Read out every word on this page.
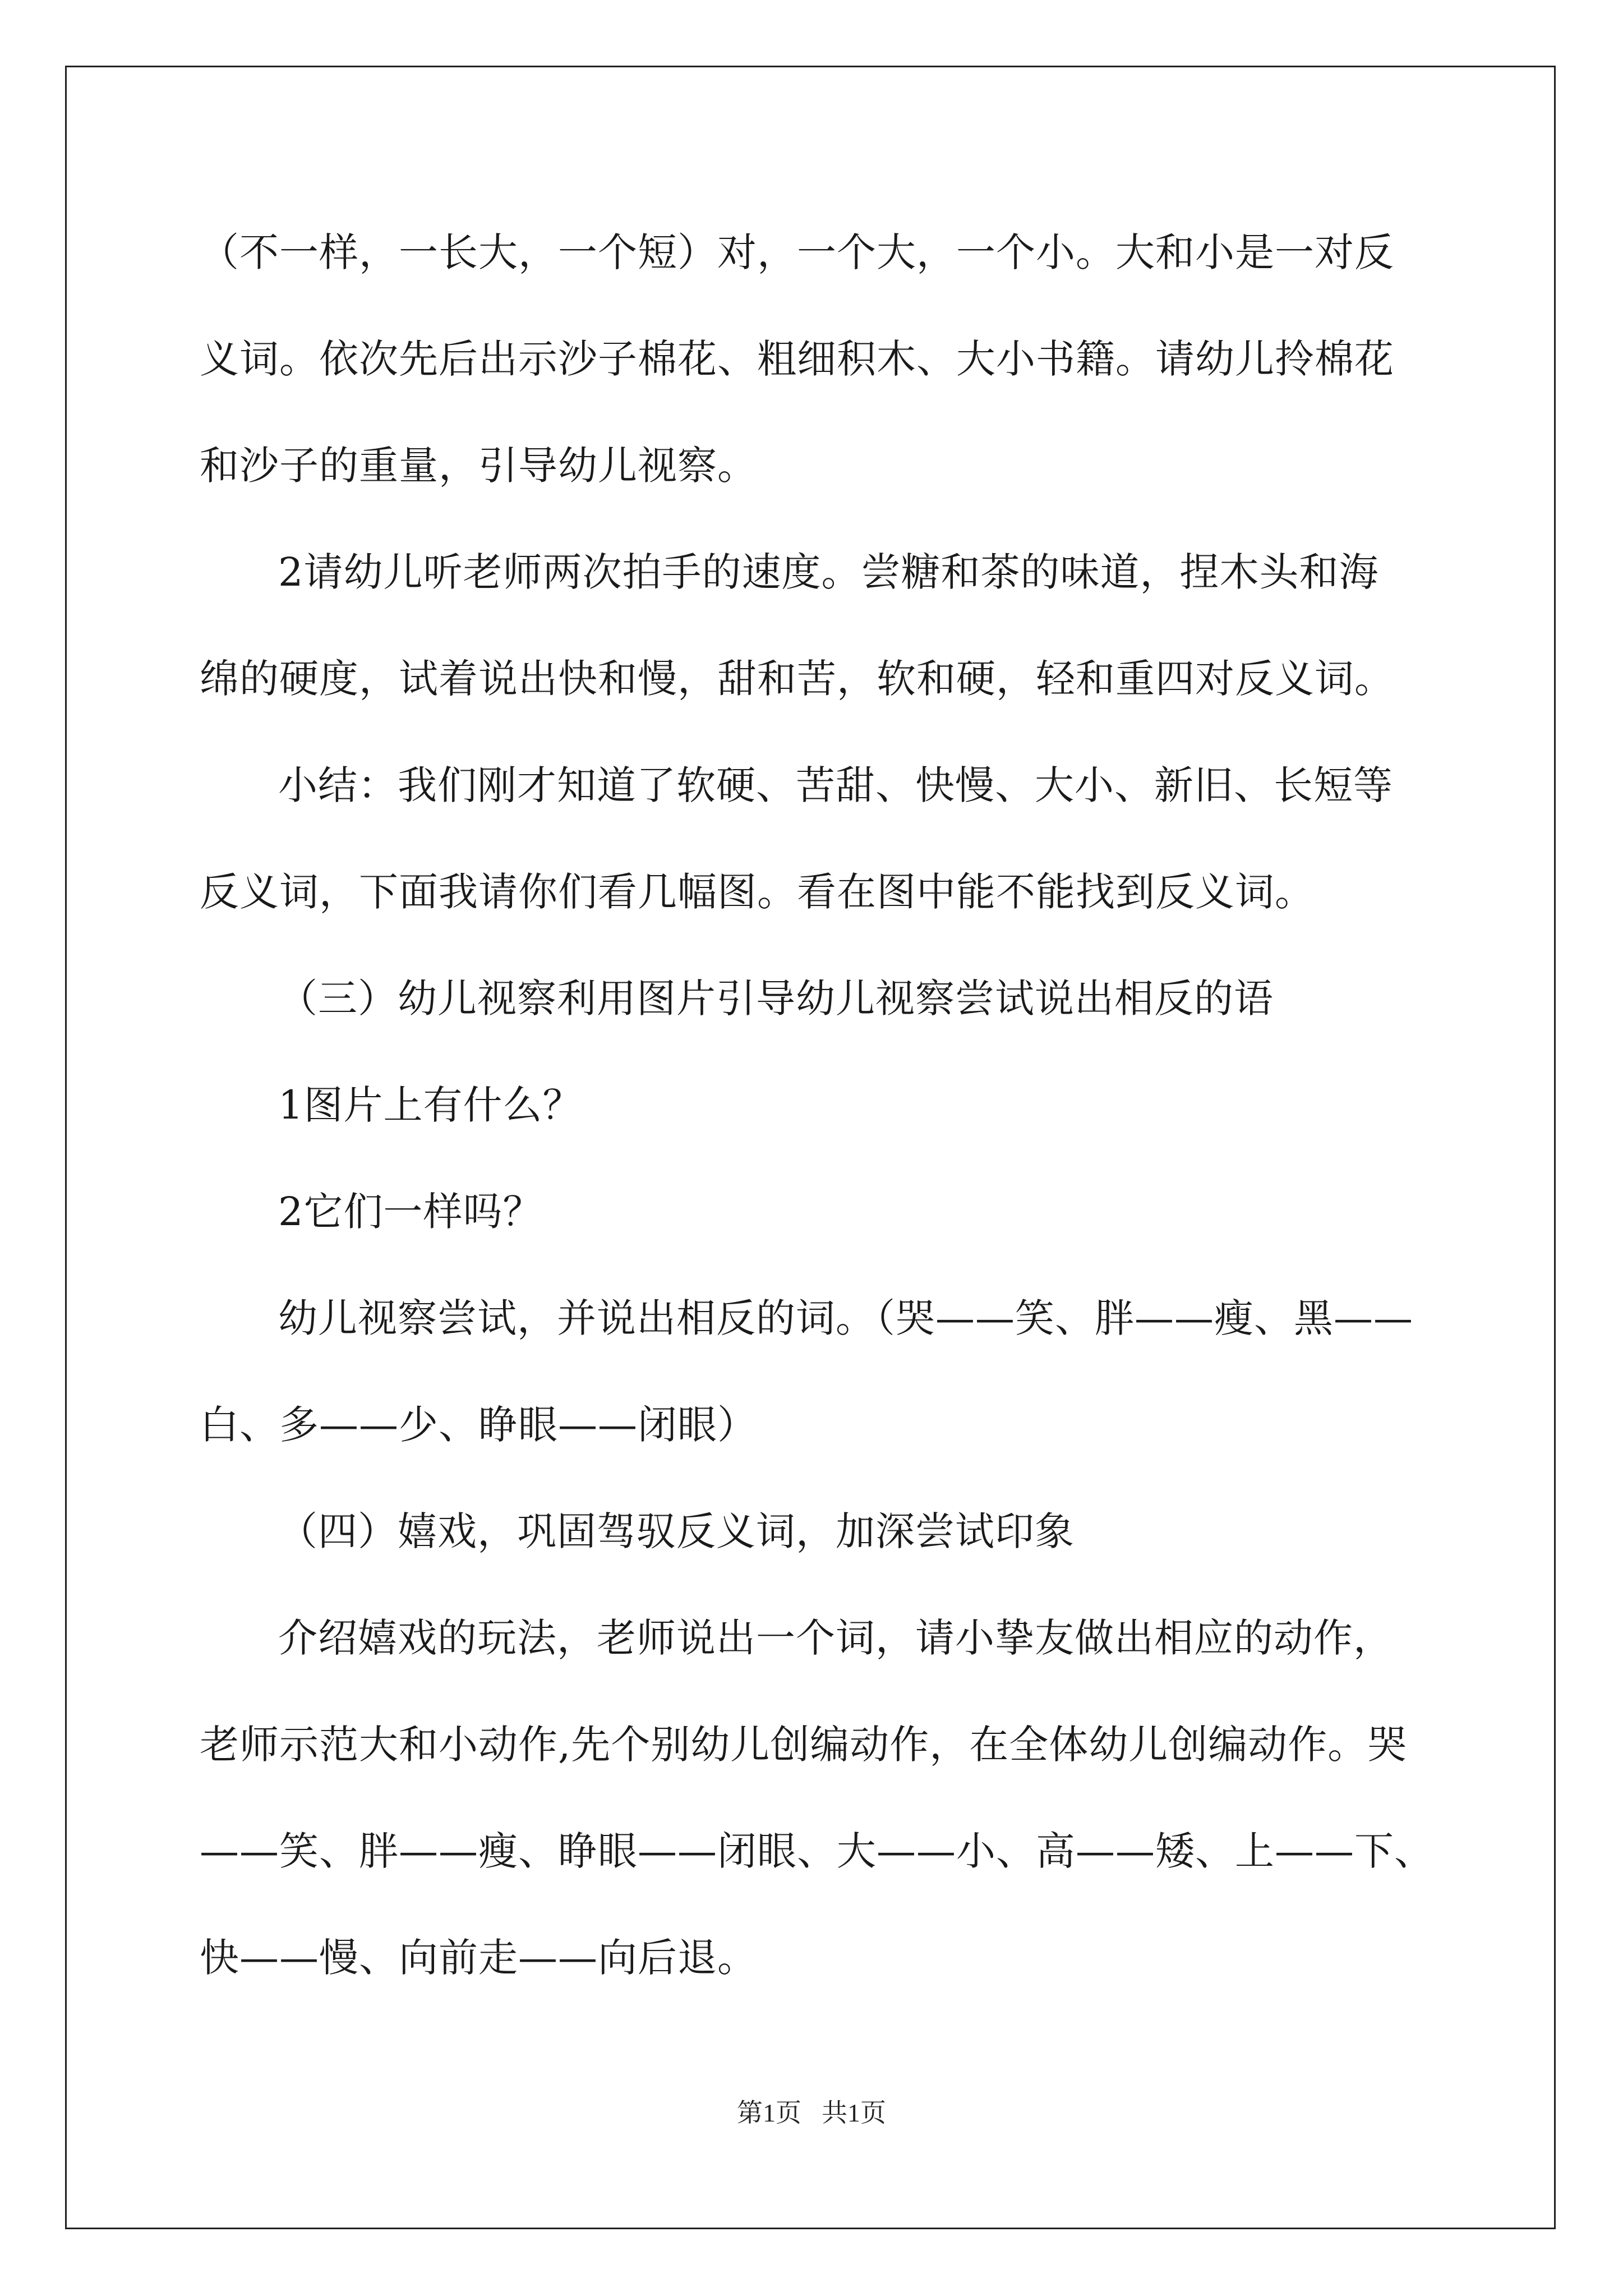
（不一样，一长大，一个短）对，一个大，一个小。大和小是一对反

义词。依次先后出示沙子棉花、粗细积木、大小书籍。请幼儿拎棉花

和沙子的重量，引导幼儿视察。

2请幼儿听老师两次拍手的速度。尝糖和茶的味道，捏木头和海

绵的硬度，试着说出快和慢，甜和苦，软和硬，轻和重四对反义词。

小结：我们刚才知道了软硬、苦甜、快慢、大小、新旧、长短等

反义词，下面我请你们看几幅图。看在图中能不能找到反义词。

（三）幼儿视察利用图片引导幼儿视察尝试说出相反的语

1图片上有什么？

2它们一样吗？

幼儿视察尝试，并说出相反的词。（哭——笑、胖——瘦、黑——

白、多——少、睁眼——闭眼）

（四）嬉戏，巩固驾驭反义词，加深尝试印象

介绍嬉戏的玩法，老师说出一个词，请小挚友做出相应的动作，

老师示范大和小动作,先个别幼儿创编动作，在全体幼儿创编动作。哭

——笑、胖——瘦、睁眼——闭眼、大——小、高——矮、上——下、

快——慢、向前走——向后退。

第1页 共1页
